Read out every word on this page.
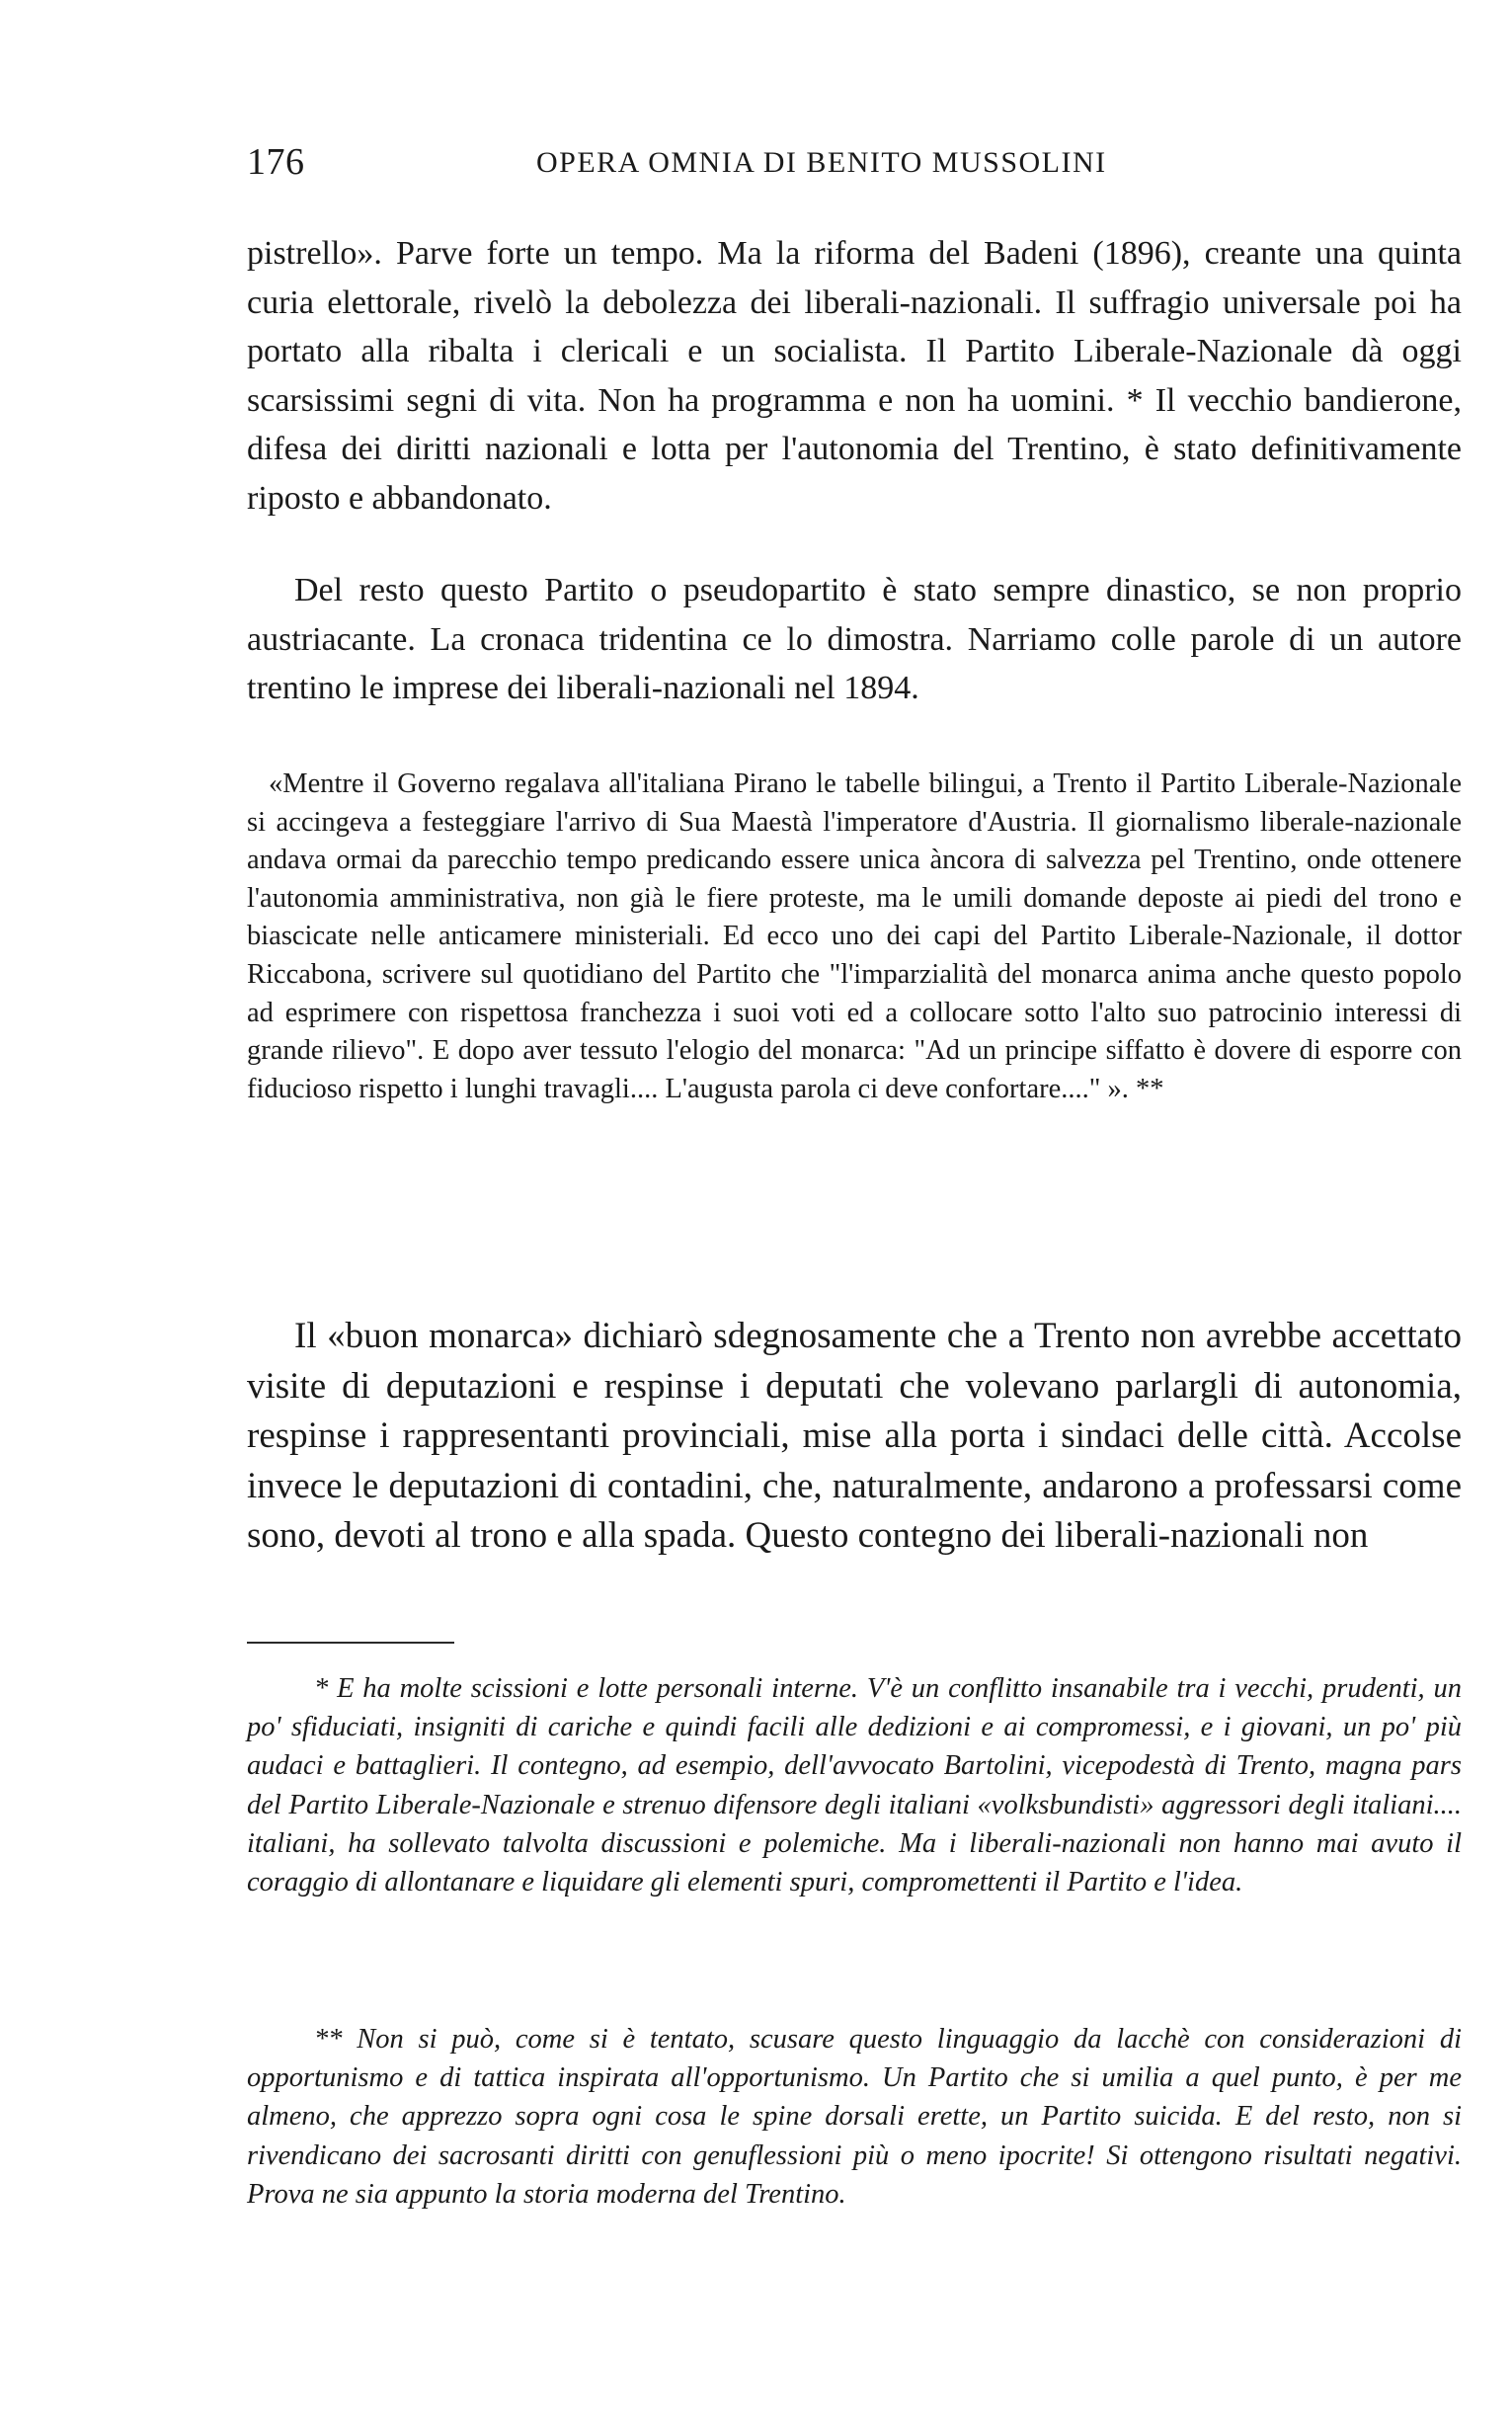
176	OPERA OMNIA DI BENITO MUSSOLINI

pistrello». Parve forte un tempo. Ma la riforma del Badeni (1896), creante una quinta curia elettorale, rivelò la debolezza dei liberali-nazionali. Il suffragio universale poi ha portato alla ribalta i clericali e un socialista. Il Partito Liberale-Nazionale dà oggi scarsissimi segni di vita. Non ha programma e non ha uomini. * Il vecchio bandierone, difesa dei diritti nazionali e lotta per l'autonomia del Trentino, è stato definitivamente riposto e abbandonato.

Del resto questo Partito o pseudopartito è stato sempre dinastico, se non proprio austriacante. La cronaca tridentina ce lo dimostra. Narriamo colle parole di un autore trentino le imprese dei liberali-nazionali nel 1894.

«Mentre il Governo regalava all'italiana Pirano le tabelle bilingui, a Trento il Partito Liberale-Nazionale si accingeva a festeggiare l'arrivo di Sua Maestà l'imperatore d'Austria. Il giornalismo liberale-nazionale andava ormai da parecchio tempo predicando essere unica àncora di salvezza pel Trentino, onde ottenere l'autonomia amministrativa, non già le fiere proteste, ma le umili domande deposte ai piedi del trono e biascicate nelle anticamere ministeriali. Ed ecco uno dei capi del Partito Liberale-Nazionale, il dottor Riccabona, scrivere sul quotidiano del Partito che "l'imparzialità del monarca anima anche questo popolo ad esprimere con rispettosa franchezza i suoi voti ed a collocare sotto l'alto suo patrocinio interessi di grande rilievo". E dopo aver tessuto l'elogio del monarca: "Ad un principe siffatto è dovere di esporre con fiducioso rispetto i lunghi travagli.... L'augusta parola ci deve confortare...." ». **

Il «buon monarca» dichiarò sdegnosamente che a Trento non avrebbe accettato visite di deputazioni e respinse i deputati che volevano parlargli di autonomia, respinse i rappresentanti provinciali, mise alla porta i sindaci delle città. Accolse invece le deputazioni di contadini, che, naturalmente, andarono a professarsi come sono, devoti al trono e alla spada. Questo contegno dei liberali-nazionali non

* E ha molte scissioni e lotte personali interne. V'è un conflitto insanabile tra i vecchi, prudenti, un po' sfiduciati, insigniti di cariche e quindi facili alle dedizioni e ai compromessi, e i giovani, un po' più audaci e battaglieri. Il contegno, ad esempio, dell'avvocato Bartolini, vicepodestà di Trento, magna pars del Partito Liberale-Nazionale e strenuo difensore degli italiani «volksbundisti» aggressori degli italiani.... italiani, ha sollevato talvolta discussioni e polemiche. Ma i liberali-nazionali non hanno mai avuto il coraggio di allontanare e liquidare gli elementi spuri, compromettenti il Partito e l'idea.

** Non si può, come si è tentato, scusare questo linguaggio da lacchè con considerazioni di opportunismo e di tattica inspirata all'opportunismo. Un Partito che si umilia a quel punto, è per me almeno, che apprezzo sopra ogni cosa le spine dorsali erette, un Partito suicida. E del resto, non si rivendicano dei sacrosanti diritti con genuflessioni più o meno ipocrite! Si ottengono risultati negativi. Prova ne sia appunto la storia moderna del Trentino.
